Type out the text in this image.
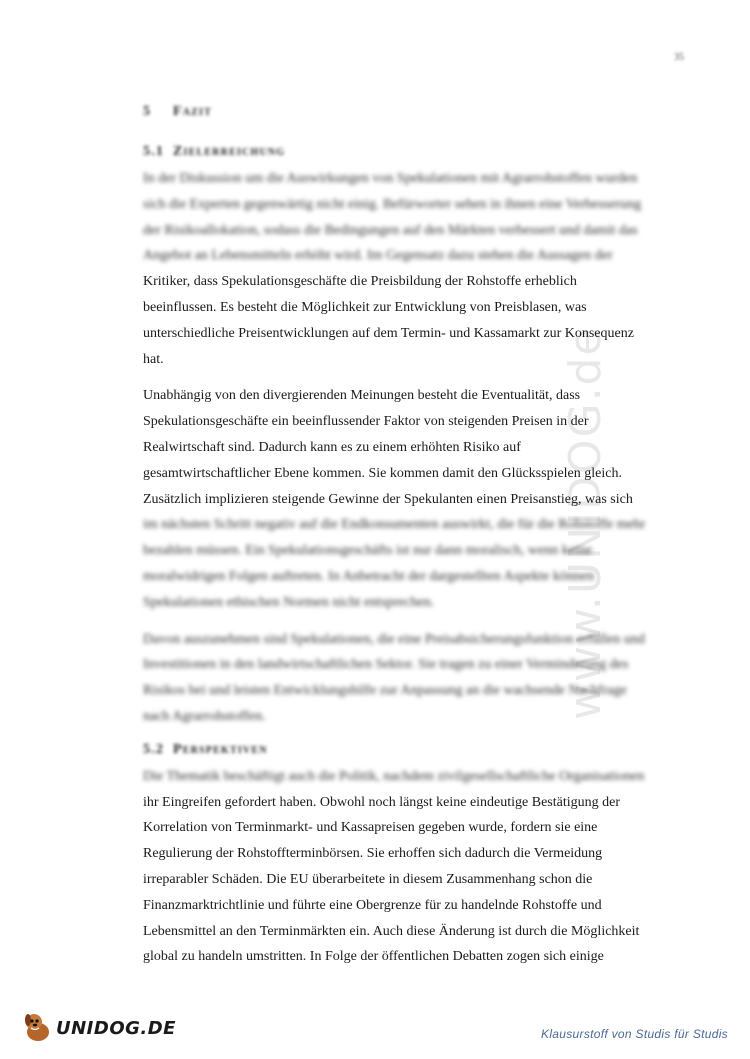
35
www.UNIDOG.de
5 Fazit
5.1 Zielerreichung

In der Diskussion um die Auswirkungen von Spekulationen mit Agrarrohstoffen wurden
sich die Experten gegenwärtig nicht einig. Befürworter sehen in ihnen eine Verbesserung
der Risikoallokation, sodass die Bedingungen auf den Märkten verbessert und damit das
Angebot an Lebensmitteln erhöht wird. Im Gegensatz dazu stehen die Aussagen der
Kritiker, dass Spekulationsgeschäfte die Preisbildung der Rohstoffe erheblich
beeinflussen. Es besteht die Möglichkeit zur Entwicklung von Preisblasen, was
unterschiedliche Preisentwicklungen auf dem Termin- und Kassamarkt zur Konsequenz
hat.

Unabhängig von den divergierenden Meinungen besteht die Eventualität, dass
Spekulationsgeschäfte ein beeinflussender Faktor von steigenden Preisen in der
Realwirtschaft sind. Dadurch kann es zu einem erhöhten Risiko auf
gesamtwirtschaftlicher Ebene kommen. Sie kommen damit den Glücksspielen gleich.
Zusätzlich implizieren steigende Gewinne der Spekulanten einen Preisanstieg, was sich
im nächsten Schritt negativ auf die Endkonsumenten auswirkt, die für die Rohstoffe mehr
bezahlen müssen. Ein Spekulationsgeschäfts ist nur dann moralisch, wenn keine
moralwidrigen Folgen auftreten. In Anbetracht der dargestellten Aspekte können
Spekulationen ethischen Normen nicht entsprechen.

Davon auszunehmen sind Spekulationen, die eine Preisabsicherungsfunktion erfüllen und
Investitionen in den landwirtschaftlichen Sektor. Sie tragen zu einer Verminderung des
Risikos bei und leisten Entwicklungshilfe zur Anpassung an die wachsende Nachfrage
nach Agrarrohstoffen.

5.2 Perspektiven

Die Thematik beschäftigt auch die Politik, nachdem zivilgesellschaftliche Organisationen
ihr Eingreifen gefordert haben. Obwohl noch längst keine eindeutige Bestätigung der
Korrelation von Terminmarkt- und Kassapreisen gegeben wurde, fordern sie eine
Regulierung der Rohstoffterminbörsen. Sie erhoffen sich dadurch die Vermeidung
irreparabler Schäden. Die EU überarbeitete in diesem Zusammenhang schon die
Finanzmarktrichtlinie und führte eine Obergrenze für zu handelnde Rohstoffe und
Lebensmittel an den Terminmärkten ein. Auch diese Änderung ist durch die Möglichkeit
global zu handeln umstritten. In Folge der öffentlichen Debatten zogen sich einige

UNIDOG.DE	Klausurstoff von Studis für Studis
